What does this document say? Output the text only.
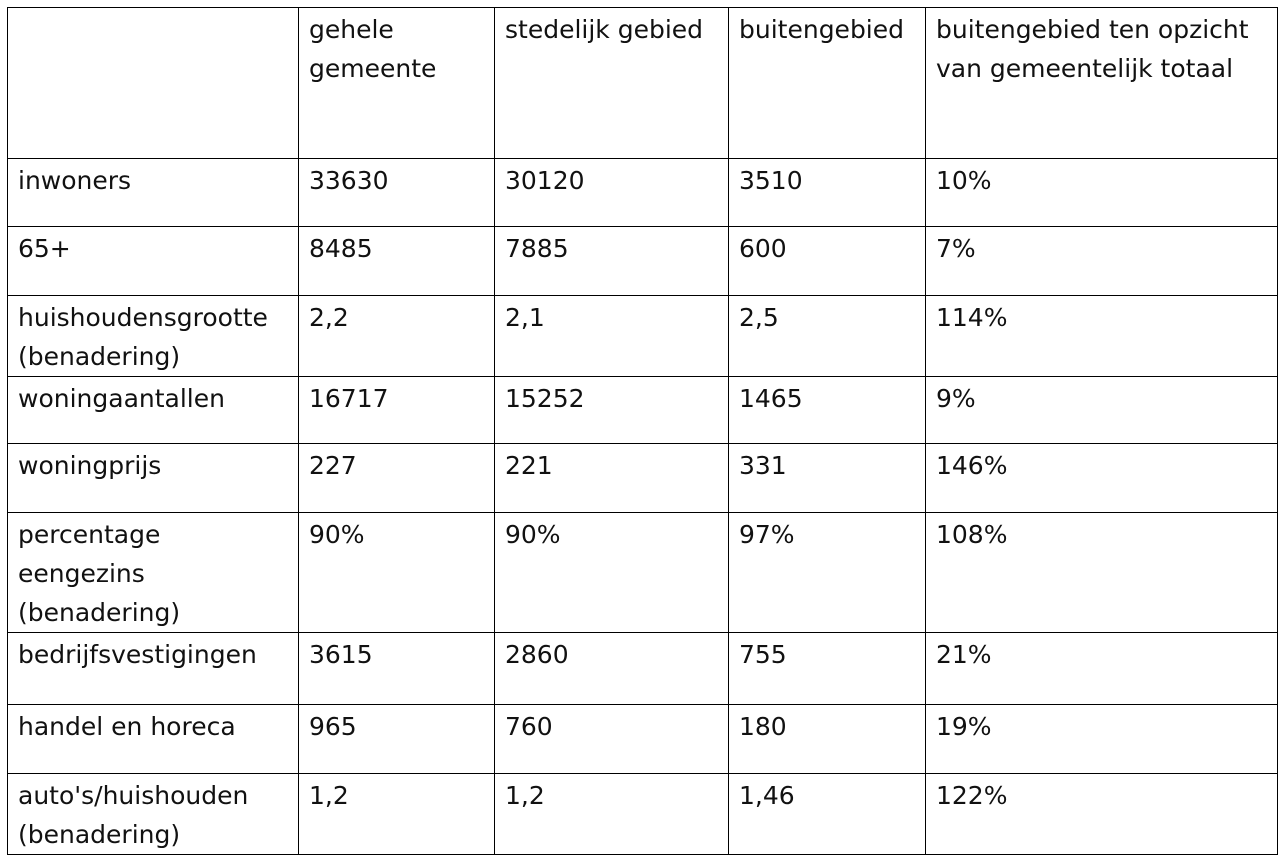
	gehele gemeente	stedelijk gebied	buitengebied	buitengebied ten opzicht van gemeentelijk totaal
inwoners	33630	30120	3510	10%
65+	8485	7885	600	7%
huishoudensgrootte (benadering)	2,2	2,1	2,5	114%
woningaantallen	16717	15252	1465	9%
woningprijs	227	221	331	146%
percentage eengezins (benadering)	90%	90%	97%	108%
bedrijfsvestigingen	3615	2860	755	21%
handel en horeca	965	760	180	19%
auto's/huishouden (benadering)	1,2	1,2	1,46	122%
